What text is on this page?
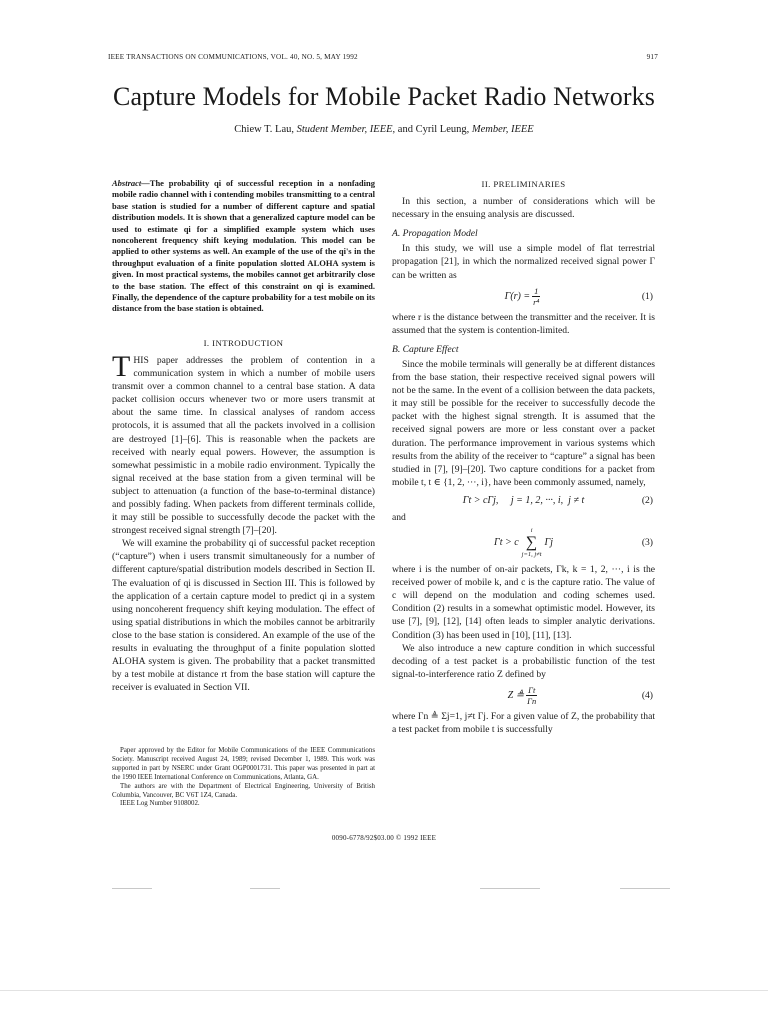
IEEE TRANSACTIONS ON COMMUNICATIONS, VOL. 40, NO. 5, MAY 1992	917
Capture Models for Mobile Packet Radio Networks
Chiew T. Lau, Student Member, IEEE, and Cyril Leung, Member, IEEE

Abstract—The probability qi of successful reception in a nonfading mobile radio channel with i contending mobiles transmitting to a central base station is studied for a number of different capture and spatial distribution models. It is shown that a generalized capture model can be used to estimate qi for a simplified example system which uses noncoherent frequency shift keying modulation. This model can be applied to other systems as well. An example of the use of the qi's in the throughput evaluation of a finite population slotted ALOHA system is given. In most practical systems, the mobiles cannot get arbitrarily close to the base station. The effect of this constraint on qi is examined. Finally, the dependence of the capture probability for a test mobile on its distance from the base station is obtained.

I. INTRODUCTION

THIS paper addresses the problem of contention in a communication system in which a number of mobile users transmit over a common channel to a central base station. A data packet collision occurs whenever two or more users transmit at about the same time. In classical analyses of random access protocols, it is assumed that all the packets involved in a collision are destroyed [1]–[6]. This is reasonable when the packets are received with nearly equal powers. However, the assumption is somewhat pessimistic in a mobile radio environment. Typically the signal received at the base station from a given terminal will be subject to attenuation (a function of the base-to-terminal distance) and possibly fading. When packets from different terminals collide, it may still be possible to successfully decode the packet with the strongest received signal strength [7]–[20].

We will examine the probability qi of successful packet reception (“capture”) when i users transmit simultaneously for a number of different capture/spatial distribution models described in Section II. The evaluation of qi is discussed in Section III. This is followed by the application of a certain capture model to predict qi in a system using noncoherent frequency shift keying modulation. The effect of using spatial distributions in which the mobiles cannot be arbitrarily close to the base station is considered. An example of the use of the results in evaluating the throughput of a finite population slotted ALOHA system is given. The probability that a packet transmitted by a test mobile at distance rt from the base station will capture the receiver is evaluated in Section VII.

Paper approved by the Editor for Mobile Communications of the IEEE Communications Society. Manuscript received August 24, 1989; revised December 1, 1989. This work was supported in part by NSERC under Grant OGP0001731. This paper was presented in part at the 1990 IEEE International Conference on Communications, Atlanta, GA.

The authors are with the Department of Electrical Engineering, University of British Columbia, Vancouver, BC V6T 1Z4, Canada.

IEEE Log Number 9108002.

II. PRELIMINARIES

In this section, a number of considerations which will be necessary in the ensuing analysis are discussed.

A. Propagation Model

In this study, we will use a simple model of flat terrestrial propagation [21], in which the normalized received signal power Γ can be written as

$\Gamma(r) = \frac{1}{\text{r⁴}}$	(1)

where r is the distance between the transmitter and the receiver. It is assumed that the system is contention-limited.

B. Capture Effect

Since the mobile terminals will generally be at different distances from the base station, their respective received signal powers will not be the same. In the event of a collision between the data packets, it may still be possible for the receiver to successfully decode the packet with the highest signal strength. It is assumed that the received signal powers are more or less constant over a packet duration. The performance improvement in various systems which results from the ability of the receiver to “capture” a signal has been studied in [7], [9]–[20]. Two capture conditions for a packet from mobile t, t ∈ {1, 2, ···, i}, have been commonly assumed, namely,

Γt > cΓj,     j = 1, 2, ···, i,  j ≠ t	(2)

and

Γt > c
i
∑
j=1, j≠t
Γj	(3)

where i is the number of on-air packets, Γk, k = 1, 2, ···, i is the received power of mobile k, and c is the capture ratio. The value of c will depend on the modulation and coding schemes used. Condition (2) results in a somewhat optimistic model. However, its use [7], [9], [12], [14] often leads to simpler analytic derivations. Condition (3) has been used in [10], [11], [13].

We also introduce a new capture condition in which successful decoding of a test packet is a probabilistic function of the test signal-to-interference ratio Z defined by

Z ≜ $\frac{\Gamma t}{\Gamma n}$	(4)

where Γn ≜ Σj=1, j≠t Γj. For a given value of Z, the probability that a test packet from mobile t is successfully

0090-6778/92$03.00 © 1992 IEEE
